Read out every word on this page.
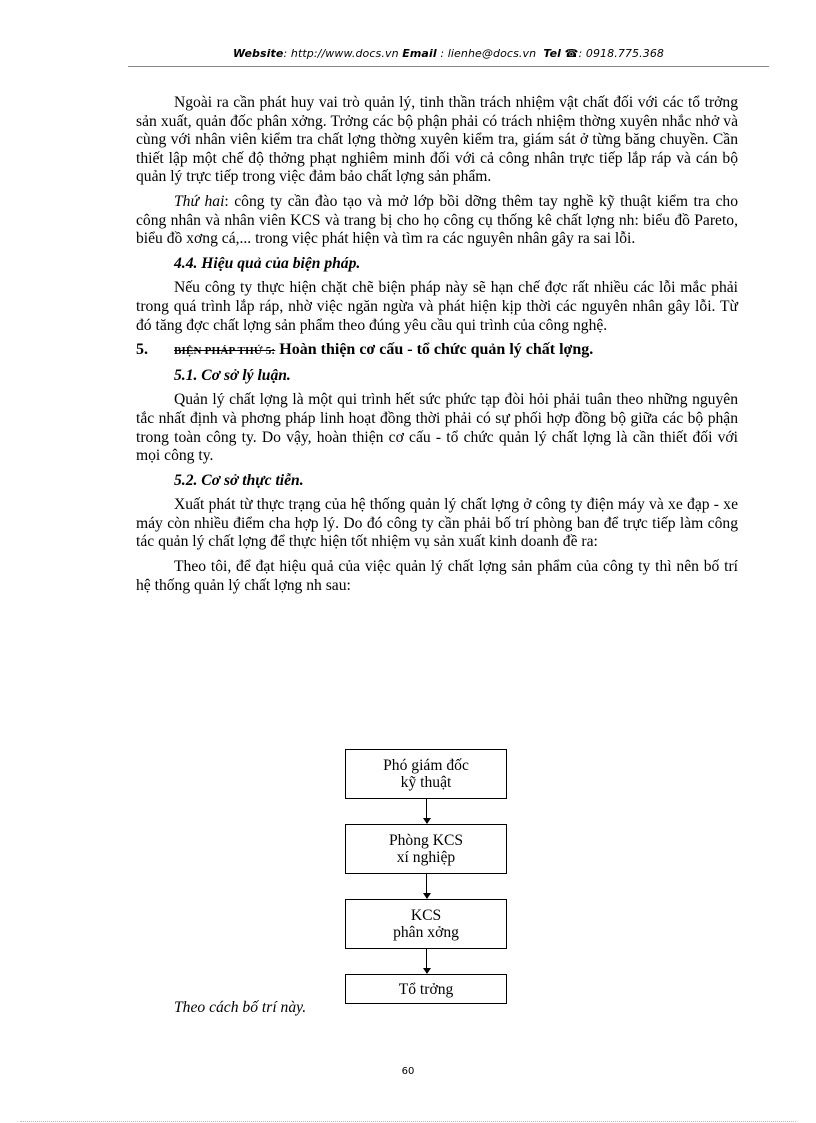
Website: http://www.docs.vn Email : lienhe@docs.vn Tel ☎: 0918.775.368

Ngoài ra cần phát huy vai trò quản lý, tinh thần trách nhiệm vật chất đối với các tổ trởng sản xuất, quản đốc phân xởng. Trởng các bộ phận phải có trách nhiệm thờng xuyên nhắc nhở và cùng với nhân viên kiểm tra chất lợng thờng xuyên kiểm tra, giám sát ở từng băng chuyền. Cần thiết lập một chế độ thởng phạt nghiêm minh đối với cả công nhân trực tiếp lắp ráp và cán bộ quản lý trực tiếp trong việc đảm bảo chất lợng sản phẩm.

Thứ hai: công ty cần đào tạo và mở lớp bồi dỡng thêm tay nghề kỹ thuật kiểm tra cho công nhân và nhân viên KCS và trang bị cho họ công cụ thống kê chất lợng nh: biểu đồ Pareto, biểu đồ xơng cá,... trong việc phát hiện và tìm ra các nguyên nhân gây ra sai lỗi.

4.4. Hiệu quả của biện pháp.

Nếu công ty thực hiện chặt chẽ biện pháp này sẽ hạn chế đợc rất nhiều các lỗi mắc phải trong quá trình lắp ráp, nhờ việc ngăn ngừa và phát hiện kịp thời các nguyên nhân gây lỗi. Từ đó tăng đợc chất lợng sản phẩm theo đúng yêu cầu qui trình của công nghệ.

5. BIỆN PHÁP THỨ 5: Hoàn thiện cơ cấu - tổ chức quản lý chất lợng.
5.1. Cơ sở lý luận.

Quản lý chất lợng là một qui trình hết sức phức tạp đòi hỏi phải tuân theo những nguyên tắc nhất định và phơng pháp linh hoạt đồng thời phải có sự phối hợp đồng bộ giữa các bộ phận trong toàn công ty. Do vậy, hoàn thiện cơ cấu - tổ chức quản lý chất lợng là cần thiết đối với mọi công ty.

5.2. Cơ sở thực tiễn.

Xuất phát từ thực trạng của hệ thống quản lý chất lợng ở công ty điện máy và xe đạp - xe máy còn nhiều điểm cha hợp lý. Do đó công ty cần phải bố trí phòng ban để trực tiếp làm công tác quản lý chất lợng để thực hiện tốt nhiệm vụ sản xuất kinh doanh đề ra:

Theo tôi, để đạt hiệu quả của việc quản lý chất lợng sản phẩm của công ty thì nên bố trí hệ thống quản lý chất lợng nh sau:

Phó giám đốc
kỹ thuật
Phòng KCS
xí nghiệp
KCS
phân xởng
Tổ trởng
Theo cách bố trí này.
60
